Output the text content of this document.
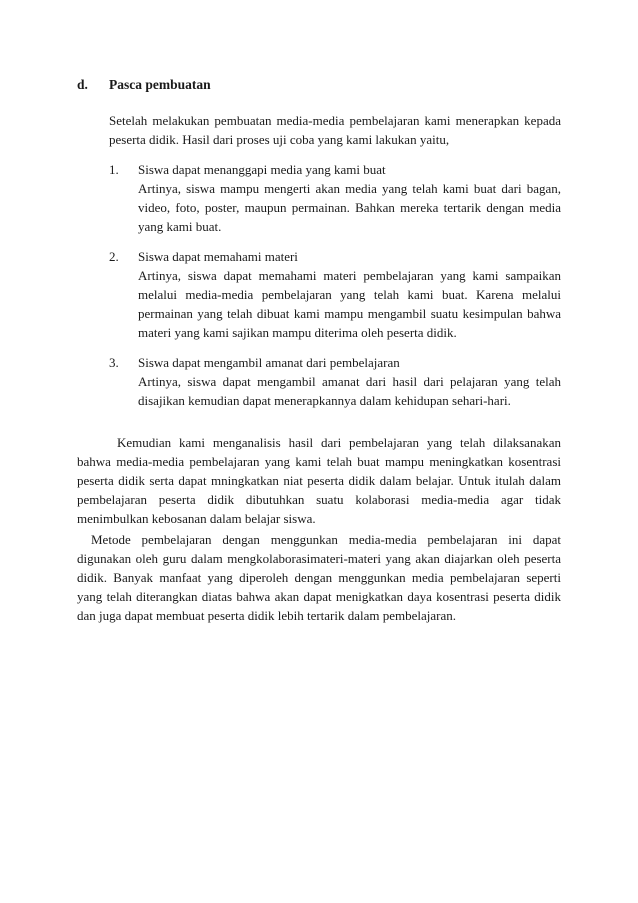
d.	Pasca pembuatan

Setelah melakukan pembuatan media-media pembelajaran kami menerapkan kepada peserta didik. Hasil dari proses uji coba yang kami lakukan yaitu,

1.	Siswa dapat menanggapi media yang kami buat

Artinya, siswa mampu mengerti akan media yang telah kami buat dari bagan, video, foto, poster, maupun permainan. Bahkan mereka tertarik dengan media yang kami buat.

2.	Siswa dapat memahami materi

Artinya, siswa dapat memahami materi pembelajaran yang kami sampaikan melalui media-media pembelajaran yang telah kami buat. Karena melalui permainan yang telah dibuat kami mampu mengambil suatu kesimpulan bahwa materi yang kami sajikan mampu diterima oleh peserta didik.

3.	Siswa dapat mengambil amanat dari pembelajaran

Artinya, siswa dapat mengambil amanat dari hasil dari pelajaran yang telah disajikan kemudian dapat menerapkannya dalam kehidupan sehari-hari.

Kemudian kami menganalisis hasil dari pembelajaran yang telah dilaksanakan bahwa media-media pembelajaran yang kami telah buat mampu meningkatkan kosentrasi peserta didik serta dapat mningkatkan niat peserta didik dalam belajar. Untuk itulah dalam pembelajaran peserta didik dibutuhkan suatu kolaborasi media-media agar tidak menimbulkan kebosanan dalam belajar siswa.

Metode pembelajaran dengan menggunkan media-media pembelajaran ini dapat digunakan oleh guru dalam mengkolaborasimateri-materi yang akan diajarkan oleh peserta didik. Banyak manfaat yang diperoleh dengan menggunkan media pembelajaran seperti yang telah diterangkan diatas bahwa akan dapat menigkatkan daya kosentrasi peserta didik dan juga dapat membuat peserta didik lebih tertarik dalam pembelajaran.
